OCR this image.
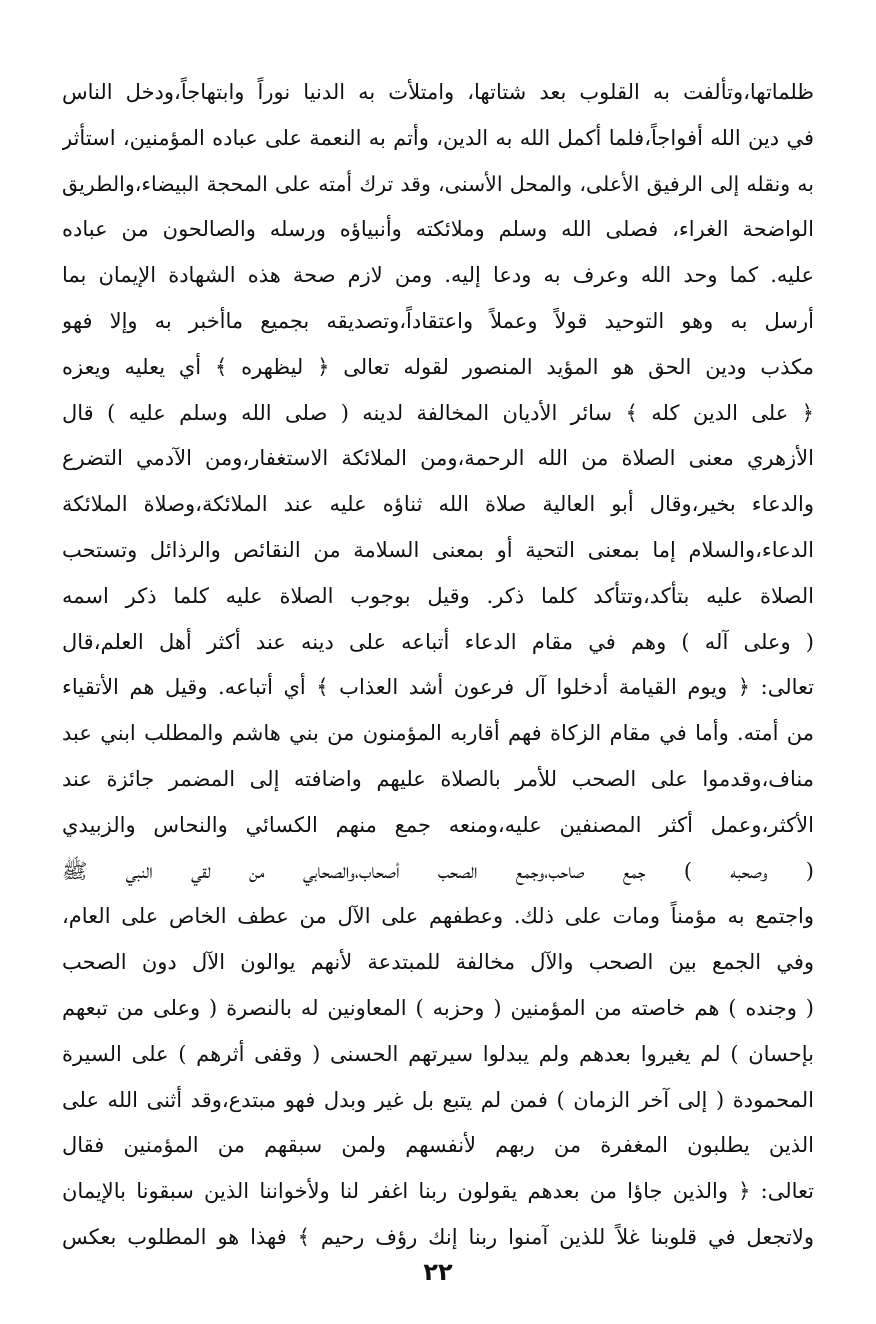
ظلماتها،وتألفت به القلوب بعد شتاتها، وامتلأت به الدنيا نوراً وابتهاجاً،ودخل الناس
في دين الله أفواجاً،فلما أكمل الله به الدين، وأتم به النعمة على عباده المؤمنين، استأثر
به ونقله إلى الرفيق الأعلى، والمحل الأسنى، وقد ترك أمته على المحجة البيضاء،والطريق
الواضحة الغراء، فصلى الله وسلم وملائكته وأنبياؤه ورسله والصالحون من عباده
عليه. كما وحد الله وعرف به ودعا إليه. ومن لازم صحة هذه الشهادة الإيمان بما
أرسل به وهو التوحيد قولاً وعملاً واعتقاداً،وتصديقه بجميع ماأخبر به وإلا فهو
مكذب ودين الحق هو المؤيد المنصور لقوله تعالى ﴿ ليظهره ﴾ أي يعليه ويعزه
﴿ على الدين كله ﴾ سائر الأديان المخالفة لدينه ( صلى الله وسلم عليه ) قال
الأزهري معنى الصلاة من الله الرحمة،ومن الملائكة الاستغفار،ومن الآدمي التضرع
والدعاء بخير،وقال أبو العالية صلاة الله ثناؤه عليه عند الملائكة،وصلاة الملائكة
الدعاء،والسلام إما بمعنى التحية أو بمعنى السلامة من النقائص والرذائل وتستحب
الصلاة عليه بتأكد،وتتأكد كلما ذكر. وقيل بوجوب الصلاة عليه كلما ذكر اسمه
( وعلى آله ) وهم في مقام الدعاء أتباعه على دينه عند أكثر أهل العلم،قال
تعالى: ﴿ ويوم القيامة أدخلوا آل فرعون أشد العذاب ﴾ أي أتباعه. وقيل هم الأتقياء
من أمته. وأما في مقام الزكاة فهم أقاربه المؤمنون من بني هاشم والمطلب ابني عبد
مناف،وقدموا على الصحب للأمر بالصلاة عليهم واضافته إلى المضمر جائزة عند
الأكثر،وعمل أكثر المصنفين عليه،ومنعه جمع منهم الكسائي والنحاس والزبيدي
( وصحبه ) جمع صاحب،وجمع الصحب أصحاب،والصحابي من لقي النبي ﷺ
واجتمع به مؤمناً ومات على ذلك. وعطفهم على الآل من عطف الخاص على العام،
وفي الجمع بين الصحب والآل مخالفة للمبتدعة لأنهم يوالون الآل دون الصحب
( وجنده ) هم خاصته من المؤمنين ( وحزبه ) المعاونين له بالنصرة ( وعلى من تبعهم
بإحسان ) لم يغيروا بعدهم ولم يبدلوا سيرتهم الحسنى ( وقفى أثرهم ) على السيرة
المحمودة ( إلى آخر الزمان ) فمن لم يتبع بل غير وبدل فهو مبتدع،وقد أثنى الله على
الذين يطلبون المغفرة من ربهم لأنفسهم ولمن سبقهم من المؤمنين فقال
تعالى: ﴿ والذين جاؤا من بعدهم يقولون ربنا اغفر لنا ولأخواننا الذين سبقونا بالإيمان
ولاتجعل في قلوبنا غلاً للذين آمنوا ربنا إنك رؤف رحيم ﴾ فهذا هو المطلوب بعكس
٢٢
